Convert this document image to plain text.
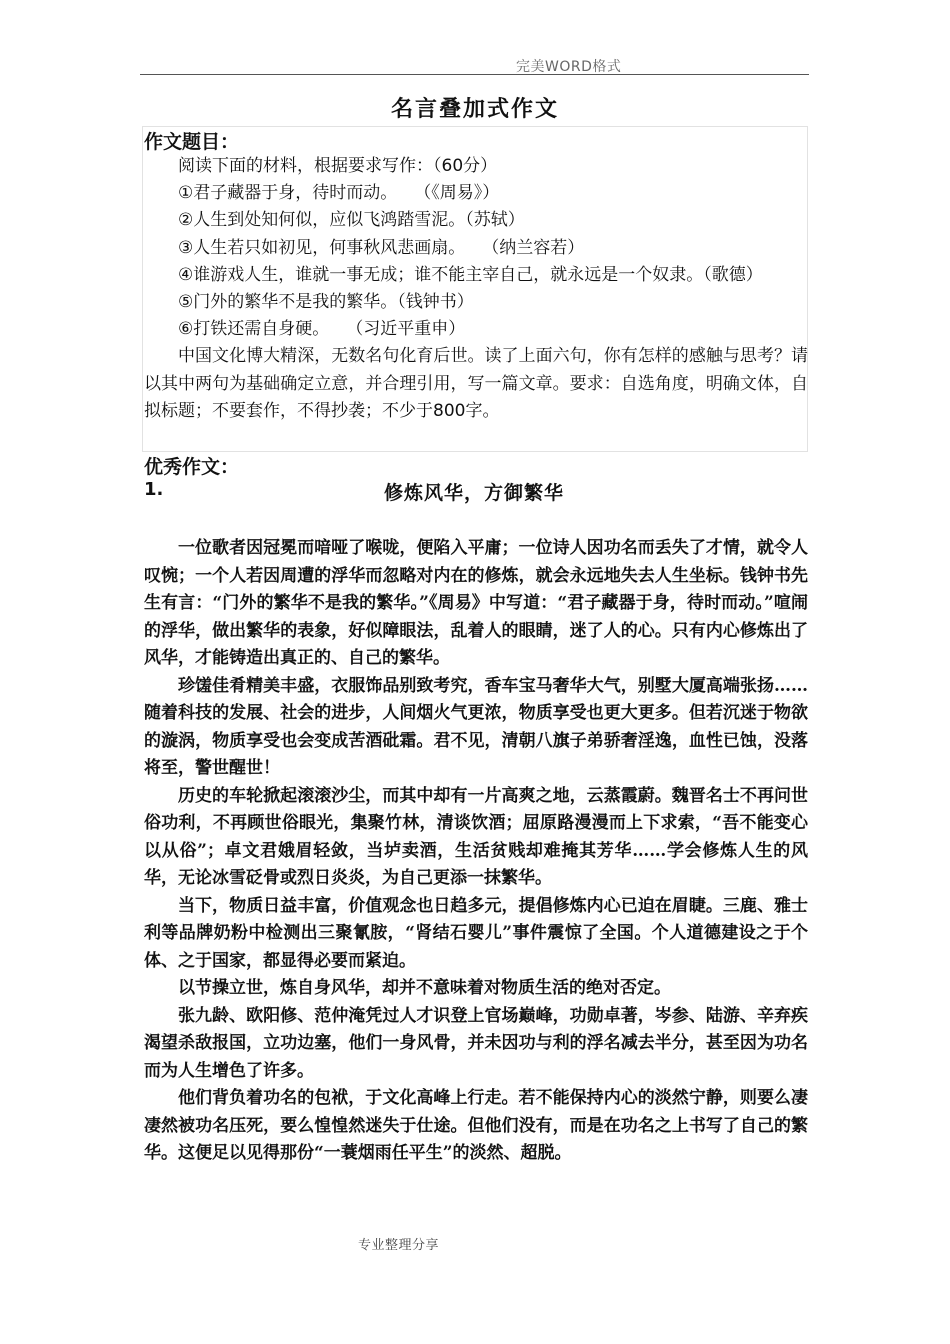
完美WORD格式
名言叠加式作文
作文题目：

阅读下面的材料，根据要求写作：（60分）

①君子藏器于身，待时而动。　　（《周易》）

②人生到处知何似，应似飞鸿踏雪泥。（苏轼）

③人生若只如初见，何事秋风悲画扇。　　（纳兰容若）

④谁游戏人生，谁就一事无成；谁不能主宰自己，就永远是一个奴隶。（歌德）

⑤门外的繁华不是我的繁华。（钱钟书）

⑥打铁还需自身硬。　　（习近平重申）

中国文化博大精深，无数名句化育后世。读了上面六句，你有怎样的感触与思考？请以其中两句为基础确定立意，并合理引用，写一篇文章。要求：自选角度，明确文体，自拟标题；不要套作，不得抄袭；不少于800字。

优秀作文：
1.	修炼风华，方御繁华

一位歌者因冠冕而喑哑了喉咙，便陷入平庸；一位诗人因功名而丢失了才情，就令人叹惋；一个人若因周遭的浮华而忽略对内在的修炼，就会永远地失去人生坐标。钱钟书先生有言：“门外的繁华不是我的繁华。”《周易》中写道：“君子藏器于身，待时而动。”喧闹的浮华，做出繁华的表象，好似障眼法，乱着人的眼睛，迷了人的心。只有内心修炼出了风华，才能铸造出真正的、自己的繁华。

珍馐佳肴精美丰盛，衣服饰品别致考究，香车宝马奢华大气，别墅大厦高端张扬……随着科技的发展、社会的进步，人间烟火气更浓，物质享受也更大更多。但若沉迷于物欲的漩涡，物质享受也会变成苦酒砒霜。君不见，清朝八旗子弟骄奢淫逸，血性已蚀，没落将至，警世醒世！

历史的车轮掀起滚滚沙尘，而其中却有一片高爽之地，云蒸霞蔚。魏晋名士不再问世俗功利，不再顾世俗眼光，集聚竹林，清谈饮酒；屈原路漫漫而上下求索，“吾不能变心以从俗”；卓文君娥眉轻敛，当垆卖酒，生活贫贱却难掩其芳华……学会修炼人生的风华，无论冰雪砭骨或烈日炎炎，为自己更添一抹繁华。

当下，物质日益丰富，价值观念也日趋多元，提倡修炼内心已迫在眉睫。三鹿、雅士利等品牌奶粉中检测出三聚氰胺，“肾结石婴儿”事件震惊了全国。个人道德建设之于个体、之于国家，都显得必要而紧迫。

以节操立世，炼自身风华，却并不意味着对物质生活的绝对否定。

张九龄、欧阳修、范仲淹凭过人才识登上官场巅峰，功勋卓著，岑参、陆游、辛弃疾渴望杀敌报国，立功边塞，他们一身风骨，并未因功与利的浮名减去半分，甚至因为功名而为人生增色了许多。

他们背负着功名的包袱，于文化高峰上行走。若不能保持内心的淡然宁静，则要么凄凄然被功名压死，要么惶惶然迷失于仕途。但他们没有，而是在功名之上书写了自己的繁华。这便足以见得那份“一蓑烟雨任平生”的淡然、超脱。

专业整理分享
